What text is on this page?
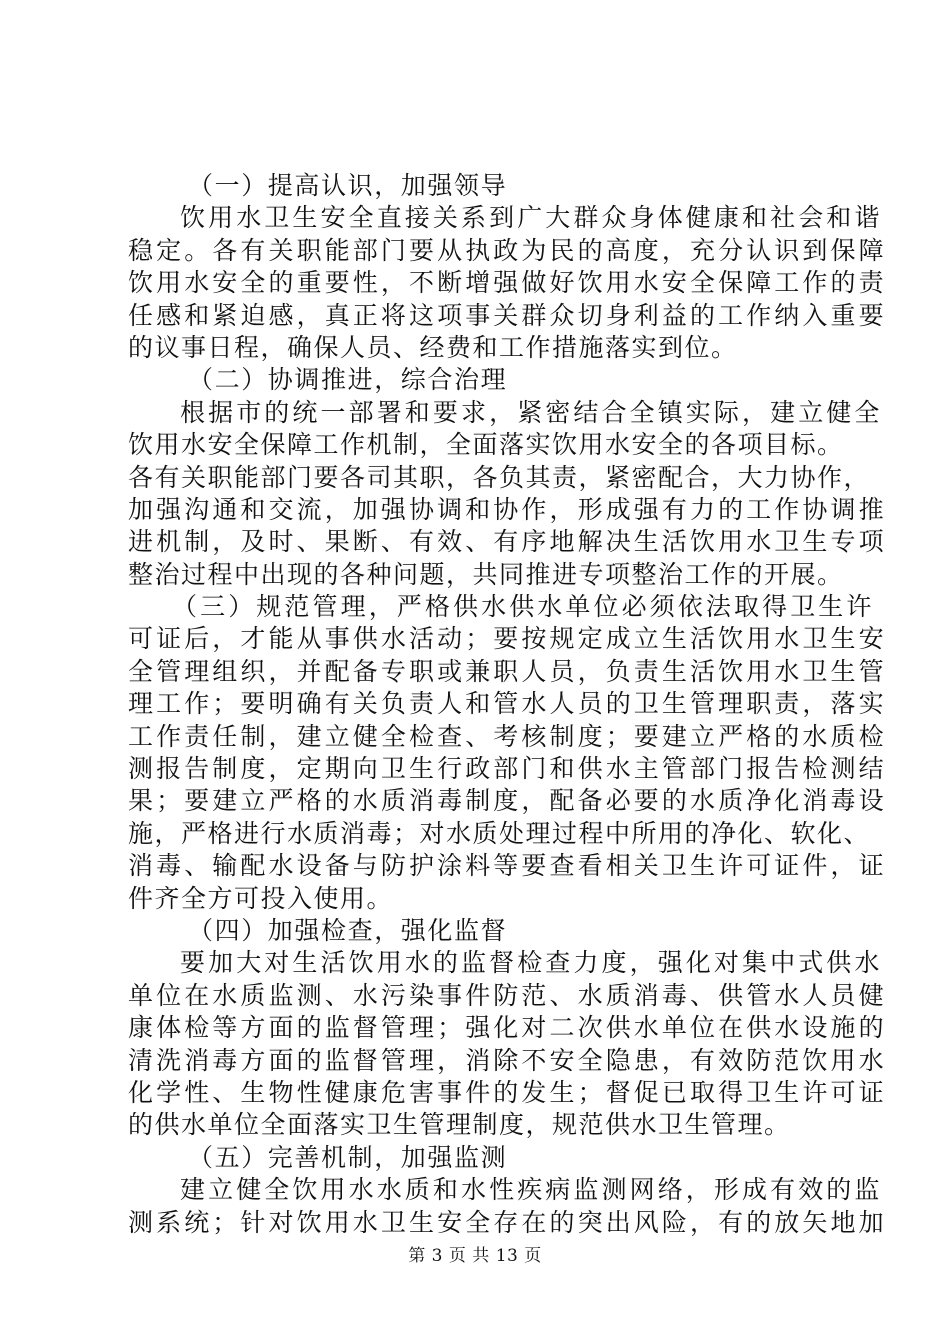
（一）提高认识，加强领导
饮用水卫生安全直接关系到广大群众身体健康和社会和谐
稳定。各有关职能部门要从执政为民的高度，充分认识到保障
饮用水安全的重要性，不断增强做好饮用水安全保障工作的责
任感和紧迫感，真正将这项事关群众切身利益的工作纳入重要
的议事日程，确保人员、经费和工作措施落实到位。
（二）协调推进，综合治理
根据市的统一部署和要求，紧密结合全镇实际，建立健全
饮用水安全保障工作机制，全面落实饮用水安全的各项目标。
各有关职能部门要各司其职，各负其责，紧密配合，大力协作，
加强沟通和交流，加强协调和协作，形成强有力的工作协调推
进机制，及时、果断、有效、有序地解决生活饮用水卫生专项
整治过程中出现的各种问题，共同推进专项整治工作的开展。
（三）规范管理，严格供水供水单位必须依法取得卫生许
可证后，才能从事供水活动；要按规定成立生活饮用水卫生安
全管理组织，并配备专职或兼职人员，负责生活饮用水卫生管
理工作；要明确有关负责人和管水人员的卫生管理职责，落实
工作责任制，建立健全检查、考核制度；要建立严格的水质检
测报告制度，定期向卫生行政部门和供水主管部门报告检测结
果；要建立严格的水质消毒制度，配备必要的水质净化消毒设
施，严格进行水质消毒；对水质处理过程中所用的净化、软化、
消毒、输配水设备与防护涂料等要查看相关卫生许可证件，证
件齐全方可投入使用。
（四）加强检查，强化监督
要加大对生活饮用水的监督检查力度，强化对集中式供水
单位在水质监测、水污染事件防范、水质消毒、供管水人员健
康体检等方面的监督管理；强化对二次供水单位在供水设施的
清洗消毒方面的监督管理，消除不安全隐患，有效防范饮用水
化学性、生物性健康危害事件的发生；督促已取得卫生许可证
的供水单位全面落实卫生管理制度，规范供水卫生管理。
（五）完善机制，加强监测
建立健全饮用水水质和水性疾病监测网络，形成有效的监
测系统；针对饮用水卫生安全存在的突出风险，有的放矢地加
第 3 页 共 13 页
